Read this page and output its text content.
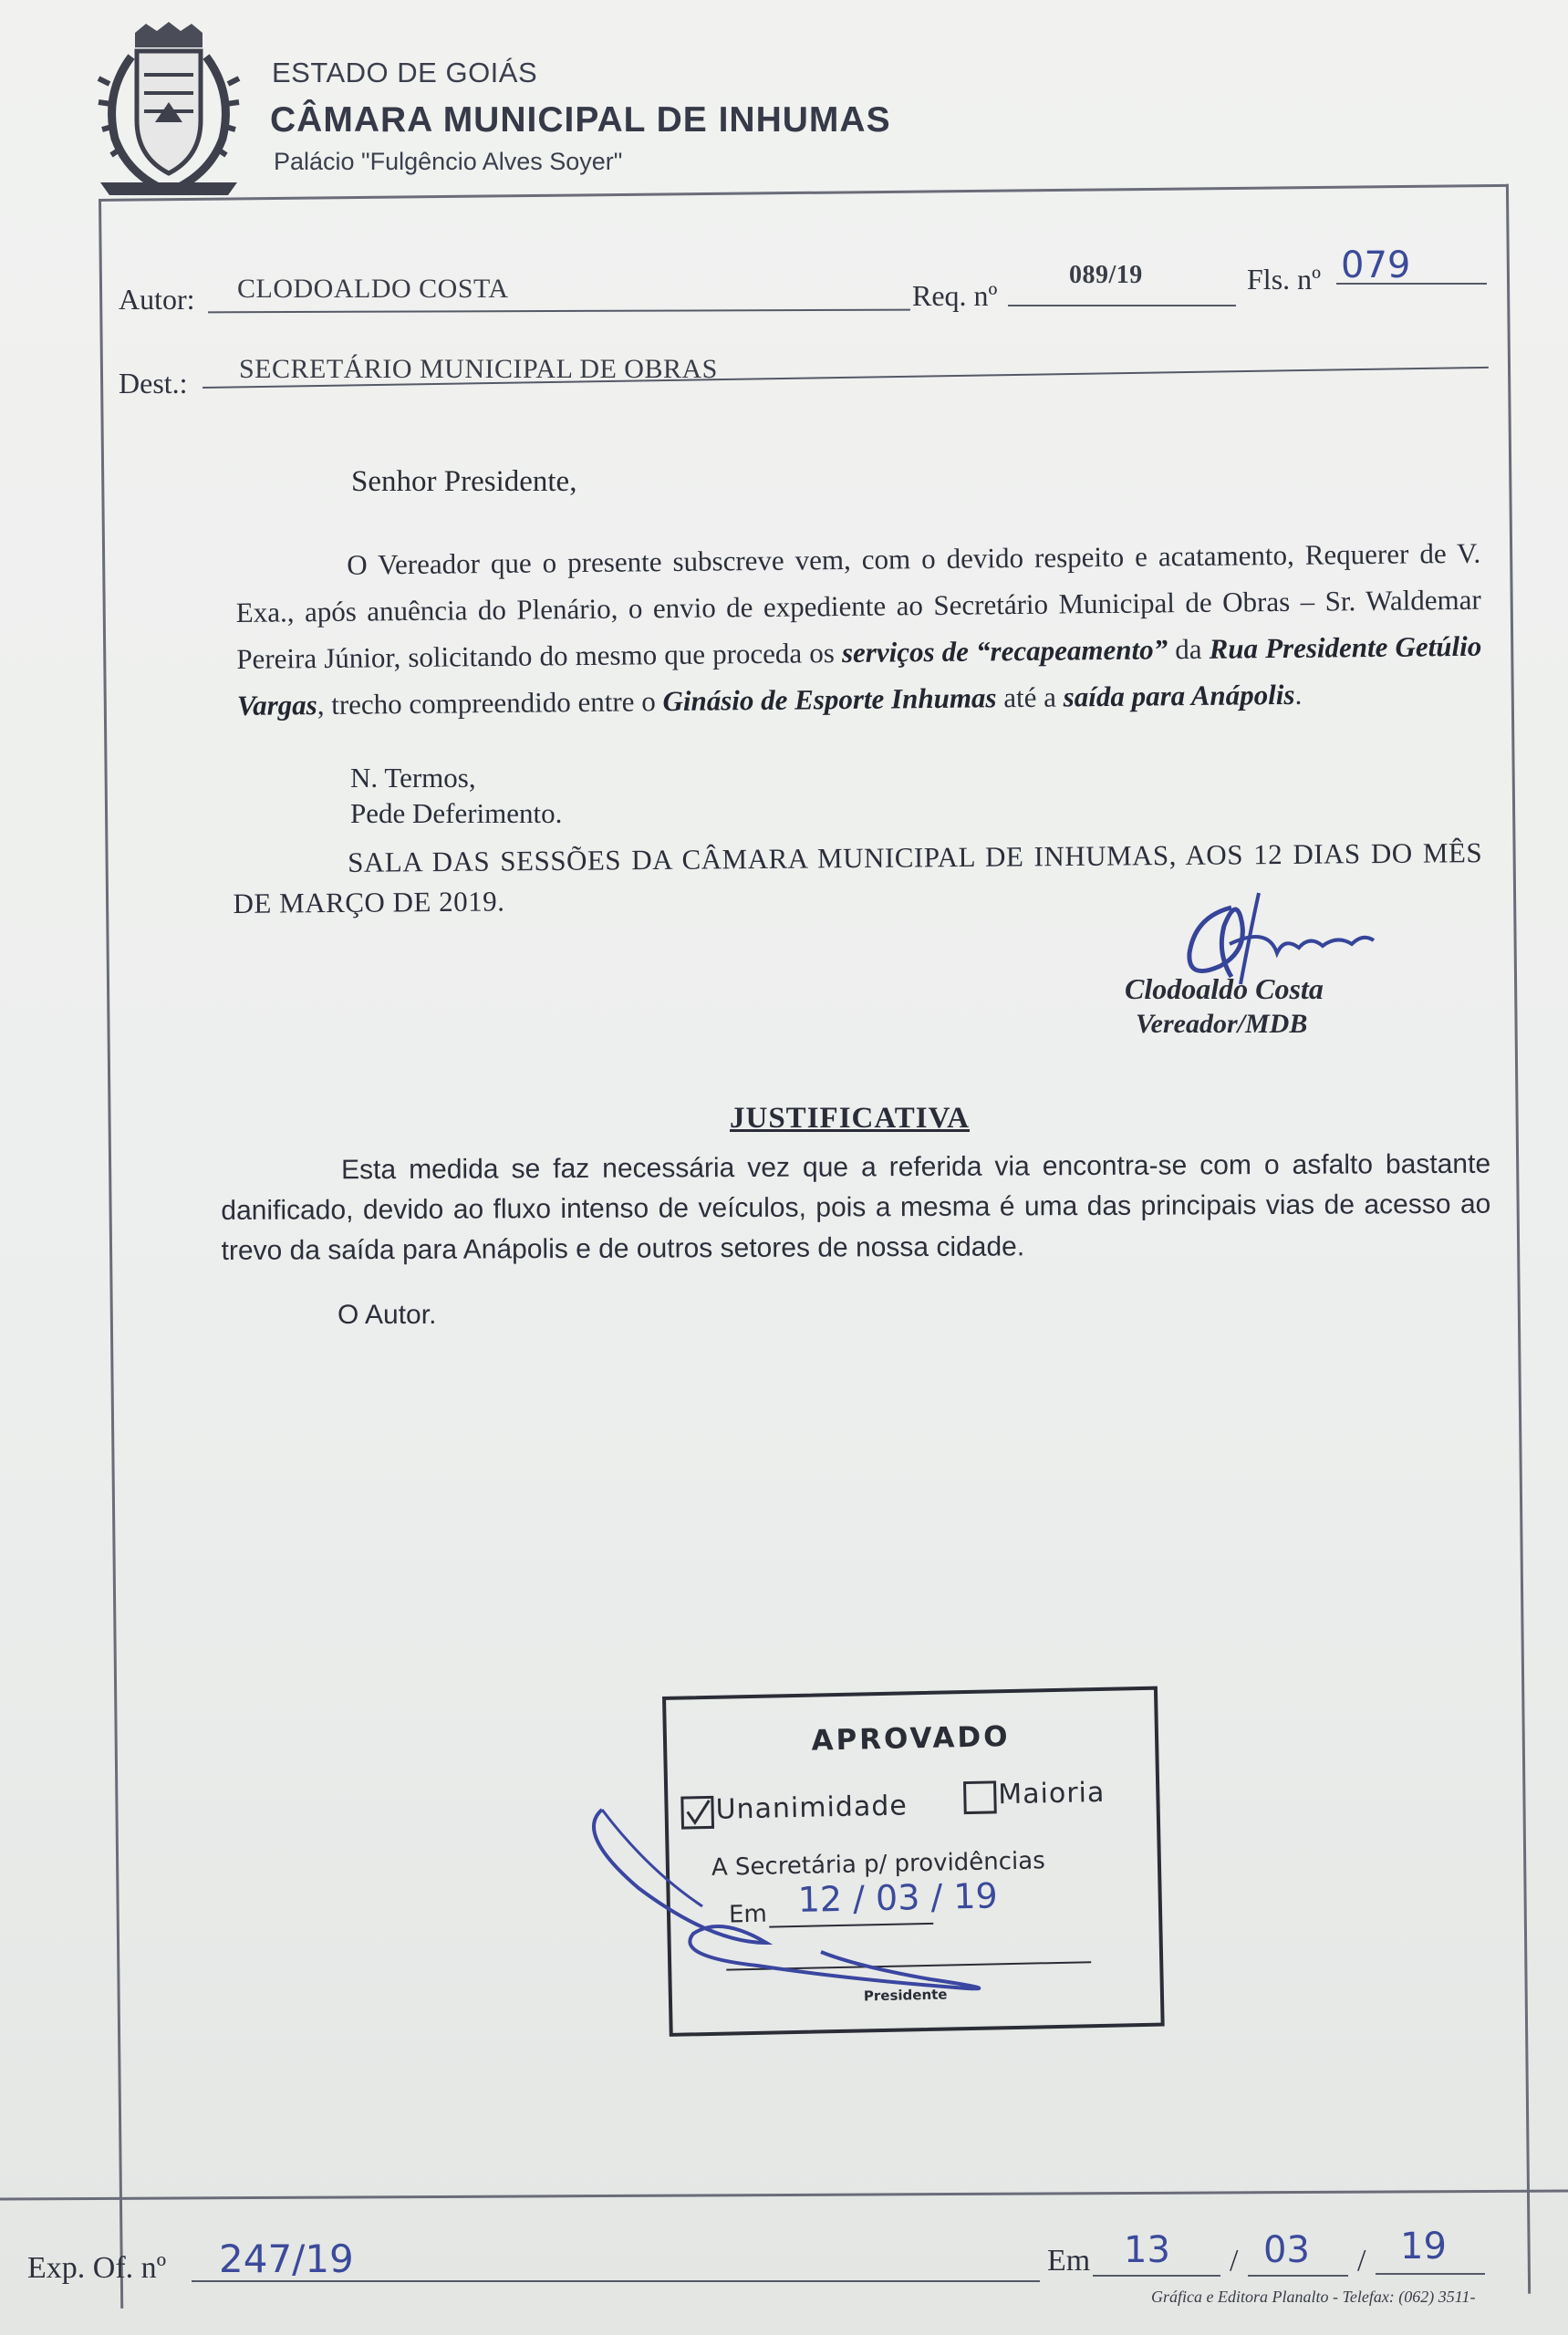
ESTADO DE GOIÁS
CÂMARA MUNICIPAL DE INHUMAS
Palácio "Fulgêncio Alves Soyer"
Autor: CLODOALDO COSTA	Req. nº
089/19	Fls. nº 079
Dest.: SECRETÁRIO MUNICIPAL DE OBRAS
Senhor Presidente,
O Vereador que o presente subscreve vem, com o devido respeito e acatamento, Requerer de V. Exa., após anuência do Plenário, o envio de expediente ao Secretário Municipal de Obras – Sr. Waldemar Pereira Júnior, solicitando do mesmo que proceda os serviços de “recapeamento” da Rua Presidente Getúlio Vargas, trecho compreendido entre o Ginásio de Esporte Inhumas até a saída para Anápolis.
N. Termos,
Pede Deferimento.
SALA DAS SESSÕES DA CÂMARA MUNICIPAL DE INHUMAS, AOS 12 DIAS DO MÊS DE MARÇO DE 2019.
Clodoaldo Costa
Vereador/MDB
JUSTIFICATIVA
Esta medida se faz necessária vez que a referida via encontra-se com o asfalto bastante danificado, devido ao fluxo intenso de veículos, pois a mesma é uma das principais vias de acesso ao trevo da saída para Anápolis e de outros setores de nossa cidade.
O Autor.
APROVADO
Unanimidade	Maioria
A Secretária p/ providências
Em 12 / 03 / 19
Presidente
Exp. Of. nº 247/19	Em 13 / 03 / 19
Gráfica e Editora Planalto - Telefax: (062) 3511-
